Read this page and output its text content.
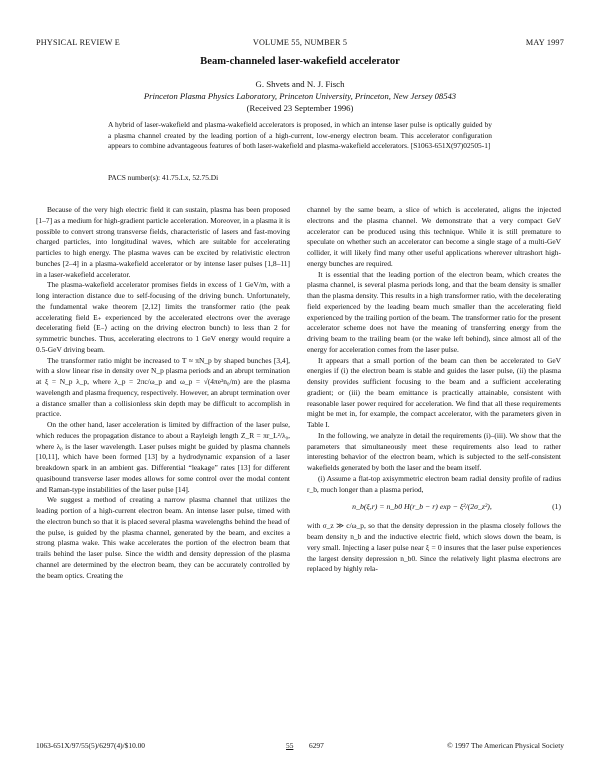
PHYSICAL REVIEW E	VOLUME 55, NUMBER 5	MAY 1997
Beam-channeled laser-wakefield accelerator
G. Shvets and N. J. Fisch
Princeton Plasma Physics Laboratory, Princeton University, Princeton, New Jersey 08543
(Received 23 September 1996)
A hybrid of laser-wakefield and plasma-wakefield accelerators is proposed, in which an intense laser pulse is optically guided by a plasma channel created by the leading portion of a high-current, low-energy electron beam. This accelerator configuration appears to combine advantageous features of both laser-wakefield and plasma-wakefield accelerators. [S1063-651X(97)02505-1]
PACS number(s): 41.75.Lx, 52.75.Di

Because of the very high electric field it can sustain, plasma has been proposed [1–7] as a medium for high-gradient particle acceleration. Moreover, in a plasma it is possible to convert strong transverse fields, characteristic of lasers and fast-moving charged particles, into longitudinal waves, which are suitable for accelerating particles to high energy. The plasma waves can be excited by relativistic electron bunches [2–4] in a plasma-wakefield accelerator or by intense laser pulses [1,8–11] in a laser-wakefield accelerator.

The plasma-wakefield accelerator promises fields in excess of 1 GeV/m, with a long interaction distance due to self-focusing of the driving bunch. Unfortunately, the fundamental wake theorem [2,12] limits the transformer ratio (the peak accelerating field E₊ experienced by the accelerated electrons over the average decelerating field ⟨E₋⟩ acting on the driving electron bunch) to less than 2 for symmetric bunches. Thus, accelerating electrons to 1 GeV energy would require a 0.5-GeV driving beam.

The transformer ratio might be increased to T ≈ πN_p by shaped bunches [3,4], with a slow linear rise in density over N_p plasma periods and an abrupt termination at ξ = N_p λ_p, where λ_p = 2πc/ω_p and ω_p = √(4πe²n₀/m) are the plasma wavelength and plasma frequency, respectively. However, an abrupt termination over a distance smaller than a collisionless skin depth may be difficult to accomplish in practice.

On the other hand, laser acceleration is limited by diffraction of the laser pulse, which reduces the propagation distance to about a Rayleigh length Z_R = πr_L²/λ₀, where λ₀ is the laser wavelength. Laser pulses might be guided by plasma channels [10,11], which have been formed [13] by a hydrodynamic expansion of a laser breakdown spark in an ambient gas. Differential “leakage” rates [13] for different quasibound transverse laser modes allows for some control over the modal content and Raman-type instabilities of the laser pulse [14].

We suggest a method of creating a narrow plasma channel that utilizes the leading portion of a high-current electron beam. An intense laser pulse, timed with the electron bunch so that it is placed several plasma wavelengths behind the head of the pulse, is guided by the plasma channel, generated by the beam, and excites a strong plasma wake. This wake accelerates the portion of the electron beam that trails behind the laser pulse. Since the width and density depression of the plasma channel are determined by the electron beam, they can be accurately controlled by the beam optics. Creating the

channel by the same beam, a slice of which is accelerated, aligns the injected electrons and the plasma channel. We demonstrate that a very compact GeV accelerator can be produced using this technique. While it is still premature to speculate on whether such an accelerator can become a single stage of a multi-GeV collider, it will likely find many other useful applications wherever ultrashort high-energy bunches are required.

It is essential that the leading portion of the electron beam, which creates the plasma channel, is several plasma periods long, and that the beam density is smaller than the plasma density. This results in a high transformer ratio, with the decelerating field experienced by the leading beam much smaller than the accelerating field experienced by the trailing portion of the beam. The transformer ratio for the present accelerator scheme does not have the meaning of transferring energy from the driving beam to the trailing beam (or the wake left behind), since almost all of the energy for acceleration comes from the laser pulse.

It appears that a small portion of the beam can then be accelerated to GeV energies if (i) the electron beam is stable and guides the laser pulse, (ii) the plasma density provides sufficient focusing to the beam and a sufficient accelerating gradient; or (iii) the beam emittance is practically attainable, consistent with reasonable laser power required for acceleration. We find that all these requirements might be met in, for example, the compact accelerator, with the parameters given in Table I.

In the following, we analyze in detail the requirements (i)–(iii). We show that the parameters that simultaneously meet these requirements also lead to rather interesting behavior of the electron beam, which is subjected to the self-consistent wakefields generated by both the laser and the beam itself.

(i) Assume a flat-top axisymmetric electron beam radial density profile of radius r_b, much longer than a plasma period,

n_b(ξ,r) = n_b0 H(r_b − r) exp − ξ²/(2σ_z²),	(1)

with σ_z ≫ c/ω_p, so that the density depression in the plasma closely follows the beam density n_b and the inductive electric field, which slows down the beam, is very small. Injecting a laser pulse near ξ = 0 insures that the laser pulse experiences the largest density depression n_b0. Since the relatively light plasma electrons are replaced by highly rela-

1063-651X/97/55(5)/6297(4)/$10.00	55 6297	© 1997 The American Physical Society
